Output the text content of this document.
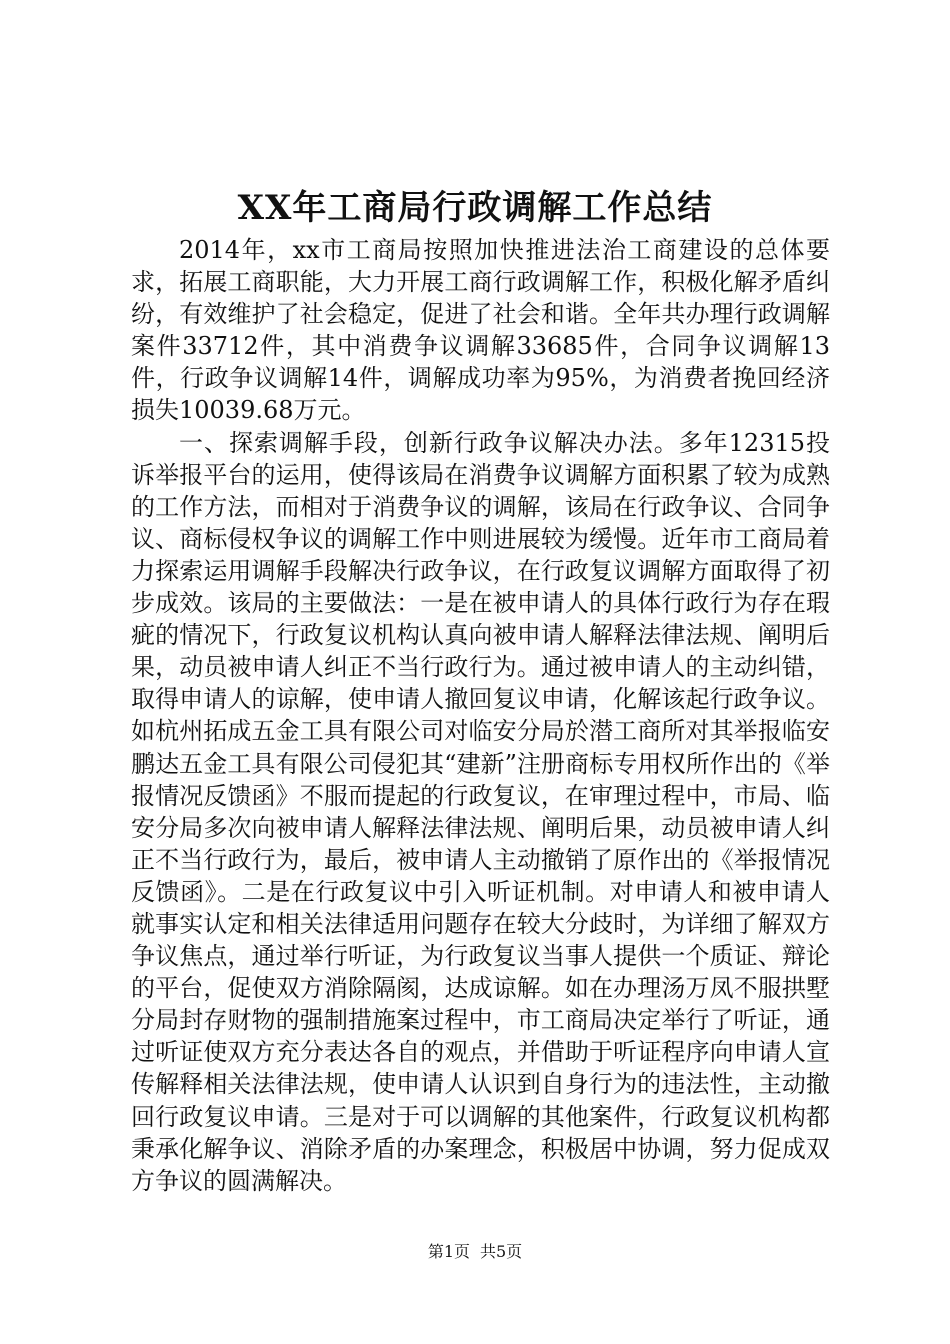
XX年工商局行政调解工作总结

2014年，xx市工商局按照加快推进法治工商建设的总体要求，拓展工商职能，大力开展工商行政调解工作，积极化解矛盾纠纷，有效维护了社会稳定，促进了社会和谐。全年共办理行政调解案件33712件，其中消费争议调解33685件，合同争议调解13件，行政争议调解14件，调解成功率为95%，为消费者挽回经济损失10039.68万元。

一、探索调解手段，创新行政争议解决办法。多年12315投诉举报平台的运用，使得该局在消费争议调解方面积累了较为成熟的工作方法，而相对于消费争议的调解，该局在行政争议、合同争议、商标侵权争议的调解工作中则进展较为缓慢。近年市工商局着力探索运用调解手段解决行政争议，在行政复议调解方面取得了初步成效。该局的主要做法：一是在被申请人的具体行政行为存在瑕疵的情况下，行政复议机构认真向被申请人解释法律法规、阐明后果，动员被申请人纠正不当行政行为。通过被申请人的主动纠错，取得申请人的谅解，使申请人撤回复议申请，化解该起行政争议。如杭州拓成五金工具有限公司对临安分局於潜工商所对其举报临安鹏达五金工具有限公司侵犯其“建新”注册商标专用权所作出的《举报情况反馈函》不服而提起的行政复议，在审理过程中，市局、临安分局多次向被申请人解释法律法规、阐明后果，动员被申请人纠正不当行政行为，最后，被申请人主动撤销了原作出的《举报情况反馈函》。二是在行政复议中引入听证机制。对申请人和被申请人就事实认定和相关法律适用问题存在较大分歧时，为详细了解双方争议焦点，通过举行听证，为行政复议当事人提供一个质证、辩论的平台，促使双方消除隔阂，达成谅解。如在办理汤万凤不服拱墅分局封存财物的强制措施案过程中，市工商局决定举行了听证，通过听证使双方充分表达各自的观点，并借助于听证程序向申请人宣传解释相关法律法规，使申请人认识到自身行为的违法性，主动撤回行政复议申请。三是对于可以调解的其他案件，行政复议机构都秉承化解争议、消除矛盾的办案理念，积极居中协调，努力促成双方争议的圆满解决。

第1页 共5页
